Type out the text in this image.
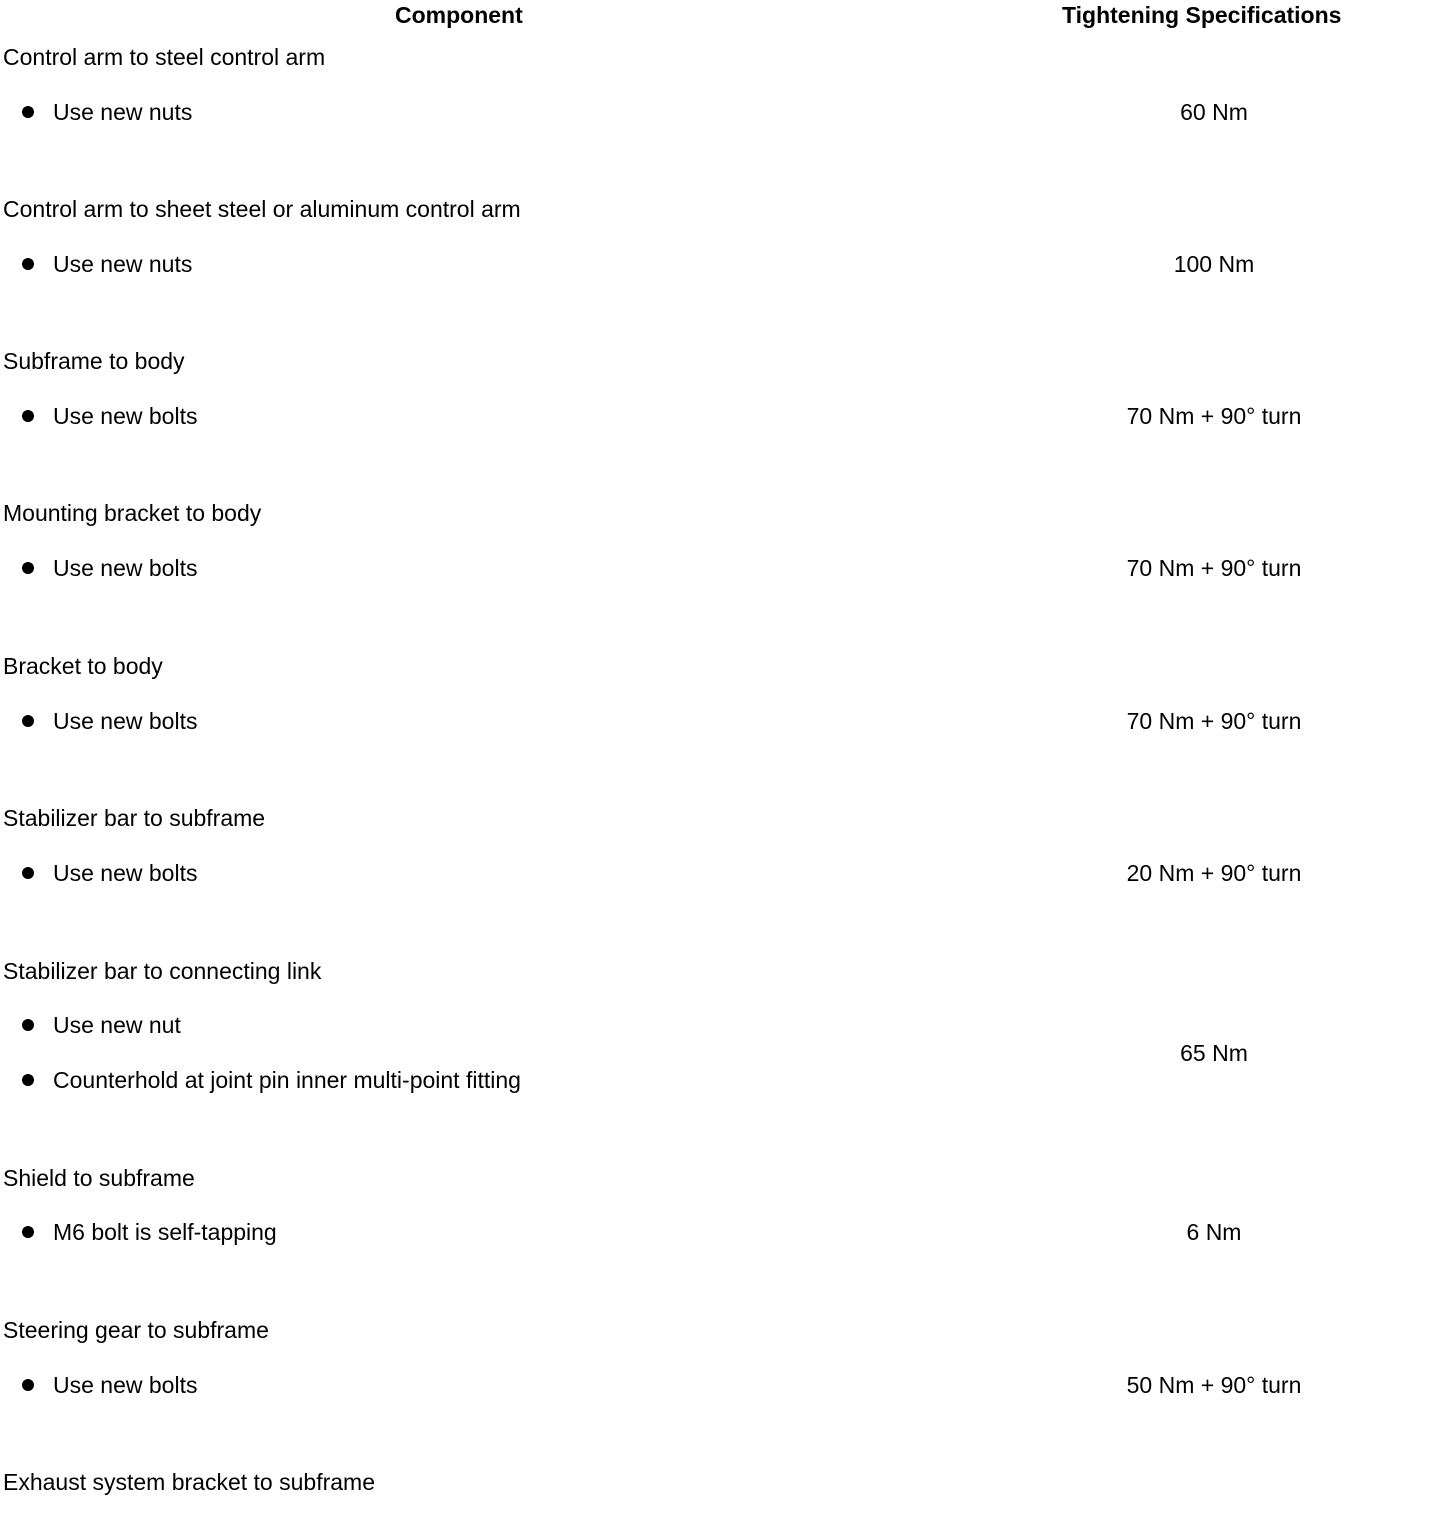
Component	Tightening Specifications
Control arm to steel control arm
Use new nuts	60 Nm
Control arm to sheet steel or aluminum control arm
Use new nuts	100 Nm
Subframe to body
Use new bolts	70 Nm + 90° turn
Mounting bracket to body
Use new bolts	70 Nm + 90° turn
Bracket to body
Use new bolts	70 Nm + 90° turn
Stabilizer bar to subframe
Use new bolts	20 Nm + 90° turn
Stabilizer bar to connecting link
Use new nut
Counterhold at joint pin inner multi-point fitting
65 Nm
Shield to subframe
M6 bolt is self-tapping	6 Nm
Steering gear to subframe
Use new bolts	50 Nm + 90° turn
Exhaust system bracket to subframe
